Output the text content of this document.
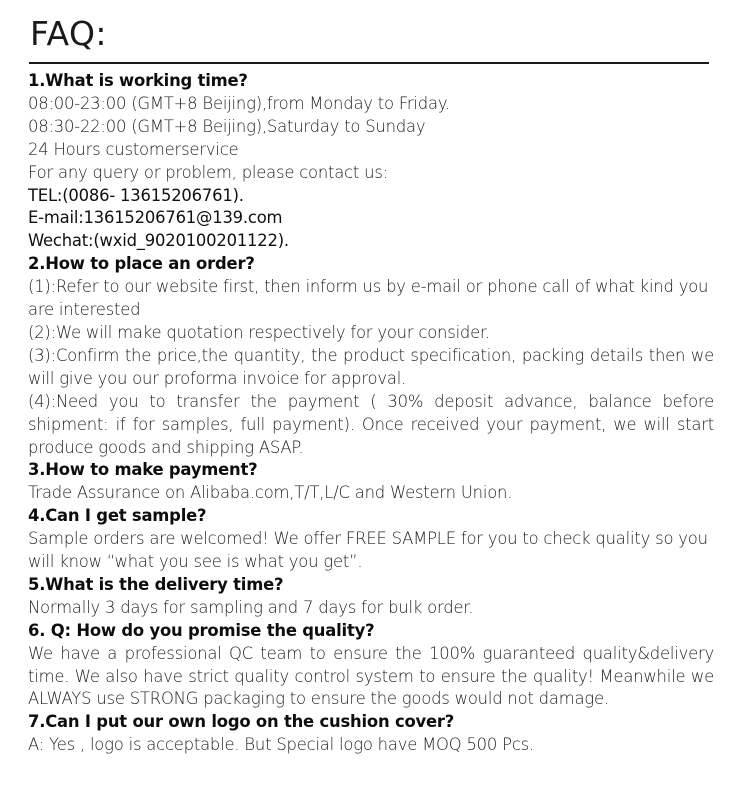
FAQ:

1.What is working time?

08:00-23:00 (GMT+8 Beijing),from Monday to Friday.

08:30-22:00 (GMT+8 Beijing),Saturday to Sunday

24 Hours customerservice

For any query or problem, please contact us:

TEL:(0086- 13615206761).

E-mail:13615206761@139.com

Wechat:(wxid_9020100201122).

2.How to place an order?

(1):Refer to our website first, then inform us by e-mail or phone call of what kind you are interested

(2):We will make quotation respectively for your consider.

(3):Confirm the price,the quantity, the product specification, packing details then we will give you our proforma invoice for approval.

(4):Need you to transfer the payment ( 30% deposit advance, balance before shipment: if for samples, full payment). Once received your payment, we will start produce goods and shipping ASAP.

3.How to make payment?

Trade Assurance on Alibaba.com,T/T,L/C and Western Union.

4.Can I get sample?

Sample orders are welcomed! We offer FREE SAMPLE for you to check quality so you will know “what you see is what you get”.

5.What is the delivery time?

Normally 3 days for sampling and 7 days for bulk order.

6. Q: How do you promise the quality?

We have a professional QC team to ensure the 100% guaranteed quality&delivery time. We also have strict quality control system to ensure the quality! Meanwhile we ALWAYS use STRONG packaging to ensure the goods would not damage.

7.Can I put our own logo on the cushion cover?

A: Yes , logo is acceptable. But Special logo have MOQ 500 Pcs.
